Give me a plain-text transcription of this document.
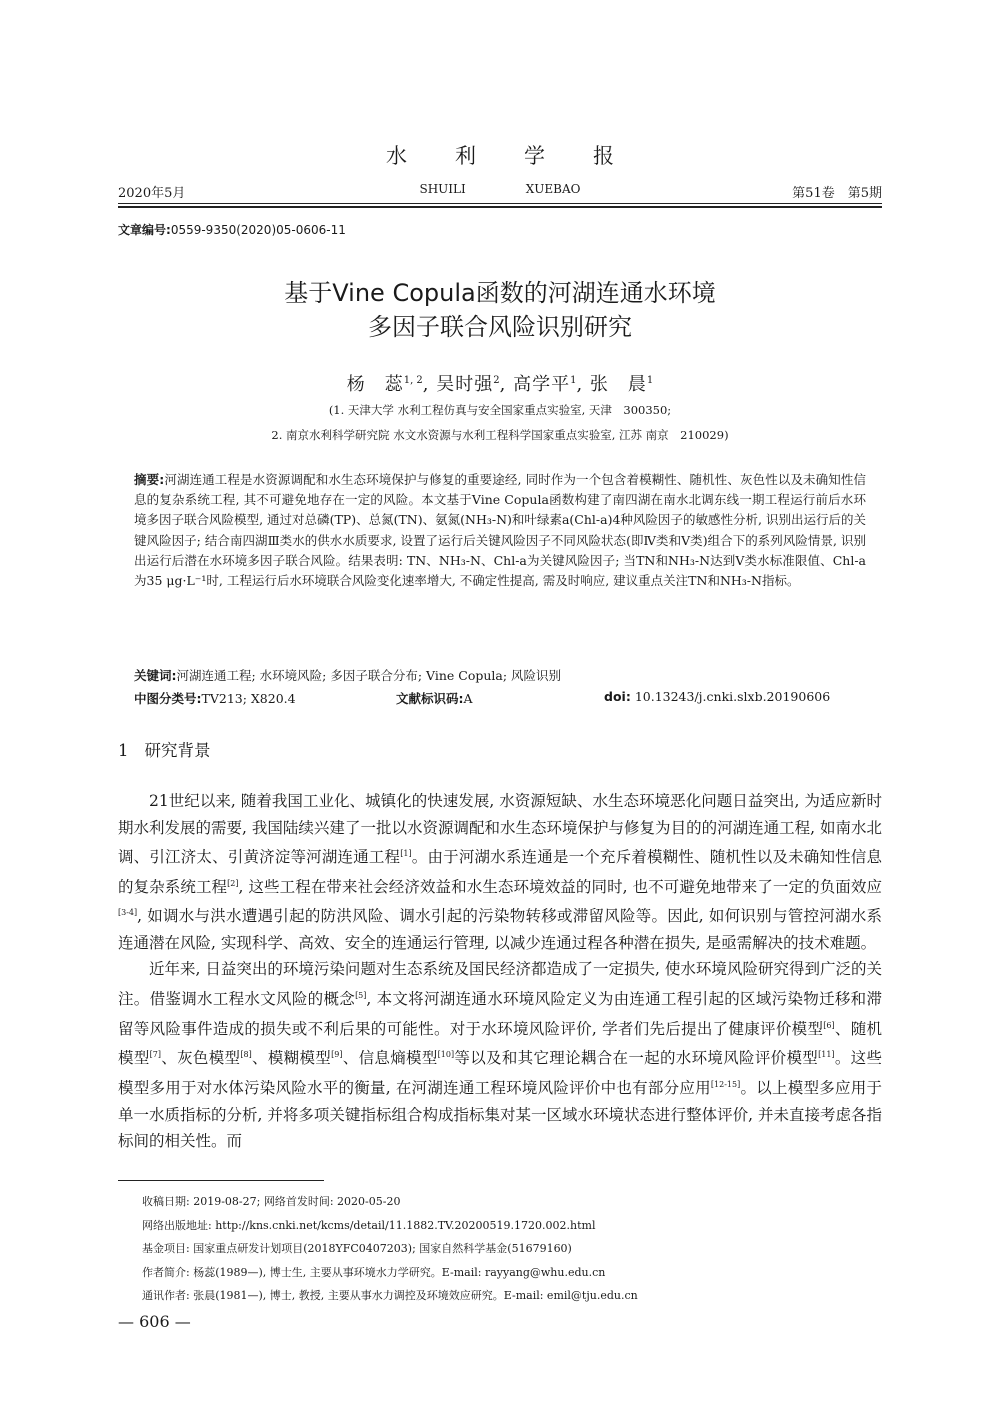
水 利 学 报
2020年5月	SHUILI	XUEBAO	第51卷　第5期
文章编号:0559-9350(2020)05-0606-11
基于Vine Copula函数的河湖连通水环境
多因子联合风险识别研究
杨　蕊$^{1, 2}$, 吴时强$^2$, 高学平$^1$, 张　晨$^1$
(1. 天津大学 水利工程仿真与安全国家重点实验室, 天津　300350;
2. 南京水利科学研究院 水文水资源与水利工程科学国家重点实验室, 江苏 南京　210029)
摘要:河湖连通工程是水资源调配和水生态环境保护与修复的重要途经, 同时作为一个包含着模糊性、随机性、灰色性以及未确知性信息的复杂系统工程, 其不可避免地存在一定的风险。本文基于Vine Copula函数构建了南四湖在南水北调东线一期工程运行前后水环境多因子联合风险模型, 通过对总磷(TP)、总氮(TN)、氨氮(NH₃-N)和叶绿素a(Chl-a)4种风险因子的敏感性分析, 识别出运行后的关键风险因子; 结合南四湖Ⅲ类水的供水水质要求, 设置了运行后关键风险因子不同风险状态(即Ⅳ类和Ⅴ类)组合下的系列风险情景, 识别出运行后潜在水环境多因子联合风险。结果表明: TN、NH₃-N、Chl-a为关键风险因子; 当TN和NH₃-N达到Ⅴ类水标准限值、Chl-a为35 μg·L⁻¹时, 工程运行后水环境联合风险变化速率增大, 不确定性提高, 需及时响应, 建议重点关注TN和NH₃-N指标。
关键词:河湖连通工程; 水环境风险; 多因子联合分布; Vine Copula; 风险识别
中图分类号:TV213; X820.4	文献标识码:A	doi: 10.13243/j.cnki.slxb.20190606
1 研究背景

21世纪以来, 随着我国工业化、城镇化的快速发展, 水资源短缺、水生态环境恶化问题日益突出, 为适应新时期水利发展的需要, 我国陆续兴建了一批以水资源调配和水生态环境保护与修复为目的的河湖连通工程, 如南水北调、引江济太、引黄济淀等河湖连通工程[1]。由于河湖水系连通是一个充斥着模糊性、随机性以及未确知性信息的复杂系统工程[2], 这些工程在带来社会经济效益和水生态环境效益的同时, 也不可避免地带来了一定的负面效应[3-4], 如调水与洪水遭遇引起的防洪风险、调水引起的污染物转移或滞留风险等。因此, 如何识别与管控河湖水系连通潜在风险, 实现科学、高效、安全的连通运行管理, 以减少连通过程各种潜在损失, 是亟需解决的技术难题。

近年来, 日益突出的环境污染问题对生态系统及国民经济都造成了一定损失, 使水环境风险研究得到广泛的关注。借鉴调水工程水文风险的概念[5], 本文将河湖连通水环境风险定义为由连通工程引起的区域污染物迁移和滞留等风险事件造成的损失或不利后果的可能性。对于水环境风险评价, 学者们先后提出了健康评价模型[6]、随机模型[7]、灰色模型[8]、模糊模型[9]、信息熵模型[10]等以及和其它理论耦合在一起的水环境风险评价模型[11]。这些模型多用于对水体污染风险水平的衡量, 在河湖连通工程环境风险评价中也有部分应用[12-15]。以上模型多应用于单一水质指标的分析, 并将多项关键指标组合构成指标集对某一区域水环境状态进行整体评价, 并未直接考虑各指标间的相关性。而

收稿日期: 2019-08-27; 网络首发时间: 2020-05-20
网络出版地址: http://kns.cnki.net/kcms/detail/11.1882.TV.20200519.1720.002.html
基金项目: 国家重点研发计划项目(2018YFC0407203); 国家自然科学基金(51679160)
作者简介: 杨蕊(1989—), 博士生, 主要从事环境水力学研究。E-mail: rayyang@whu.edu.cn
通讯作者: 张晨(1981—), 博士, 教授, 主要从事水力调控及环境效应研究。E-mail: emil@tju.edu.cn
— 606 —
